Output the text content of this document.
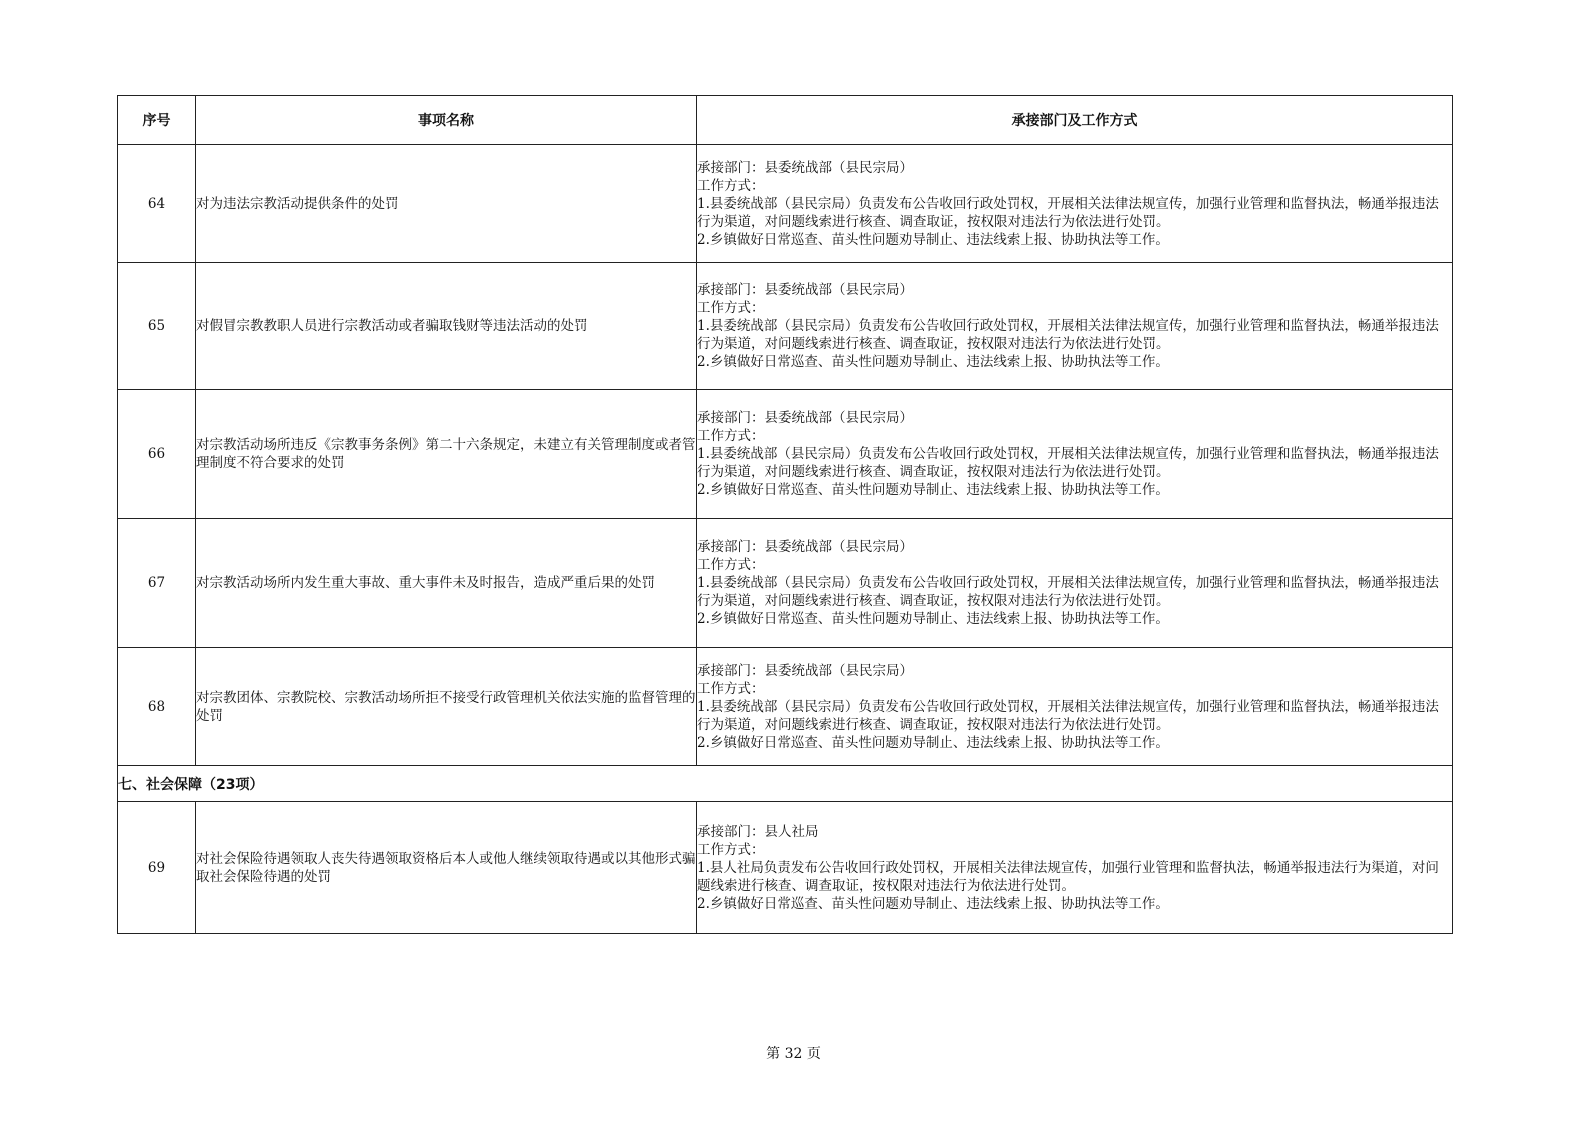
序号	事项名称	承接部门及工作方式
64	对为违法宗教活动提供条件的处罚	承接部门：县委统战部（县民宗局）
工作方式：
1.县委统战部（县民宗局）负责发布公告收回行政处罚权，开展相关法律法规宣传，加强行业管理和监督执法，畅通举报违法行为渠道，对问题线索进行核查、调查取证，按权限对违法行为依法进行处罚。
2.乡镇做好日常巡查、苗头性问题劝导制止、违法线索上报、协助执法等工作。

65	对假冒宗教教职人员进行宗教活动或者骗取钱财等违法活动的处罚	承接部门：县委统战部（县民宗局）
工作方式：
1.县委统战部（县民宗局）负责发布公告收回行政处罚权，开展相关法律法规宣传，加强行业管理和监督执法，畅通举报违法行为渠道，对问题线索进行核查、调查取证，按权限对违法行为依法进行处罚。
2.乡镇做好日常巡查、苗头性问题劝导制止、违法线索上报、协助执法等工作。

66	对宗教活动场所违反《宗教事务条例》第二十六条规定，未建立有关管理制度或者管理制度不符合要求的处罚	承接部门：县委统战部（县民宗局）
工作方式：
1.县委统战部（县民宗局）负责发布公告收回行政处罚权，开展相关法律法规宣传，加强行业管理和监督执法，畅通举报违法行为渠道，对问题线索进行核查、调查取证，按权限对违法行为依法进行处罚。
2.乡镇做好日常巡查、苗头性问题劝导制止、违法线索上报、协助执法等工作。

67	对宗教活动场所内发生重大事故、重大事件未及时报告，造成严重后果的处罚	承接部门：县委统战部（县民宗局）
工作方式：
1.县委统战部（县民宗局）负责发布公告收回行政处罚权，开展相关法律法规宣传，加强行业管理和监督执法，畅通举报违法行为渠道，对问题线索进行核查、调查取证，按权限对违法行为依法进行处罚。
2.乡镇做好日常巡查、苗头性问题劝导制止、违法线索上报、协助执法等工作。

68	对宗教团体、宗教院校、宗教活动场所拒不接受行政管理机关依法实施的监督管理的处罚	承接部门：县委统战部（县民宗局）
工作方式：
1.县委统战部（县民宗局）负责发布公告收回行政处罚权，开展相关法律法规宣传，加强行业管理和监督执法，畅通举报违法行为渠道，对问题线索进行核查、调查取证，按权限对违法行为依法进行处罚。
2.乡镇做好日常巡查、苗头性问题劝导制止、违法线索上报、协助执法等工作。

七、社会保障（23项）		
69	对社会保险待遇领取人丧失待遇领取资格后本人或他人继续领取待遇或以其他形式骗取社会保险待遇的处罚	承接部门：县人社局
工作方式：
1.县人社局负责发布公告收回行政处罚权，开展相关法律法规宣传，加强行业管理和监督执法，畅通举报违法行为渠道，对问题线索进行核查、调查取证，按权限对违法行为依法进行处罚。
2.乡镇做好日常巡查、苗头性问题劝导制止、违法线索上报、协助执法等工作。
第 32 页
